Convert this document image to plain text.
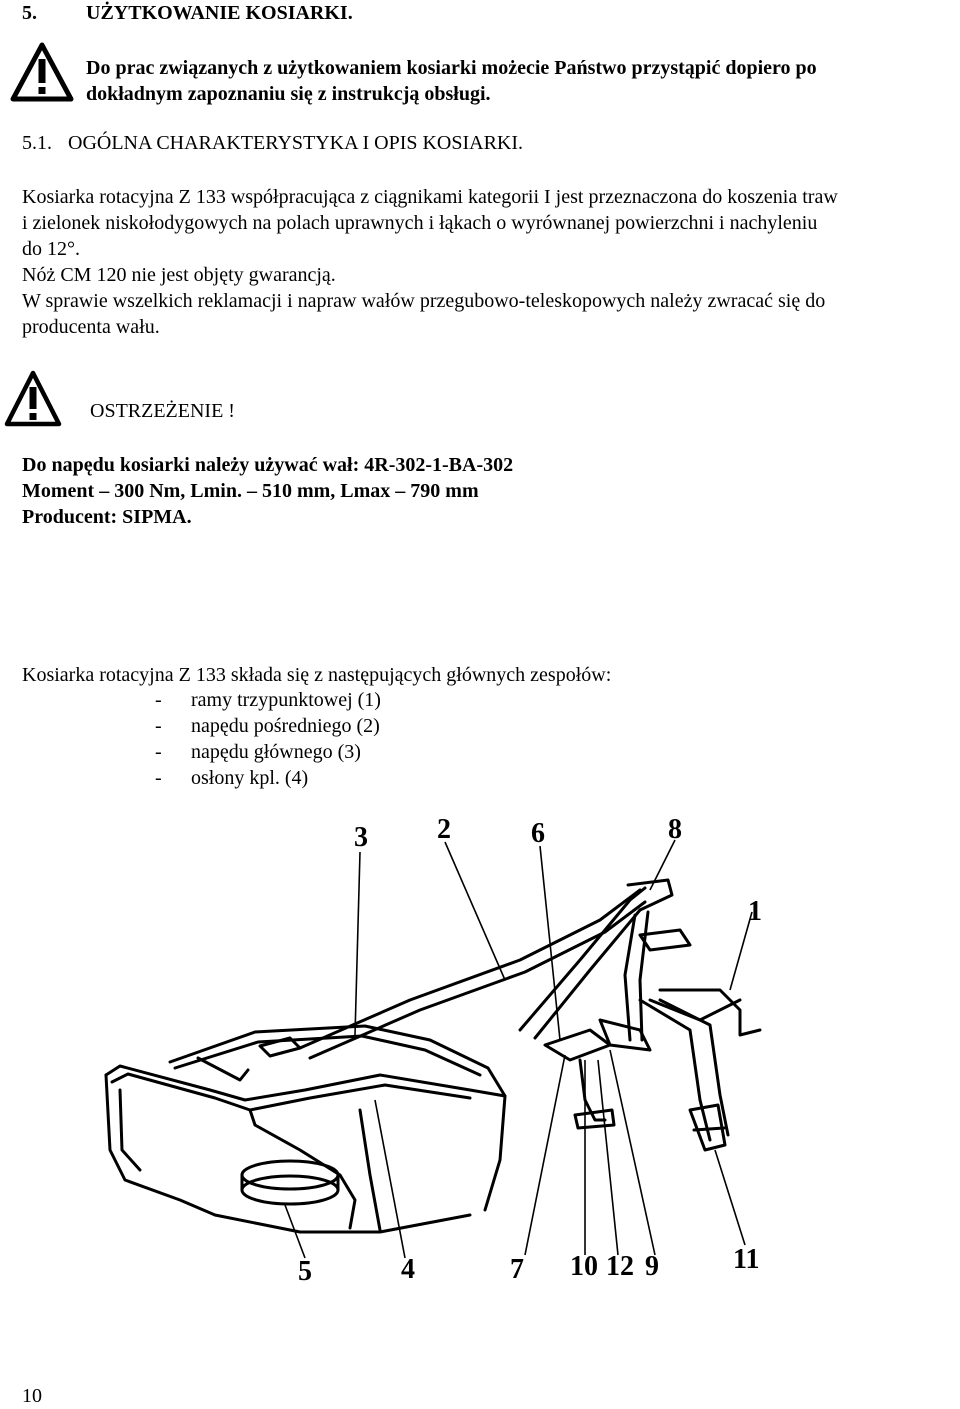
5. UŻYTKOWANIE KOSIARKI.
Do prac związanych z użytkowaniem kosiarki możecie Państwo przystąpić dopiero po
dokładnym zapoznaniu się z instrukcją obsługi.
5.1. OGÓLNA CHARAKTERYSTYKA I OPIS KOSIARKI.
Kosiarka rotacyjna Z 133 współpracująca z ciągnikami kategorii I jest przeznaczona do koszenia traw
i zielonek niskołodygowych na polach uprawnych i łąkach o wyrównanej powierzchni i nachyleniu
do 12°.
Nóż CM 120 nie jest objęty gwarancją.
W sprawie wszelkich reklamacji i napraw wałów przegubowo-teleskopowych należy zwracać się do
producenta wału.
OSTRZEŻENIE !
Do napędu kosiarki należy używać wał: 4R-302-1-BA-302
Moment – 300 Nm, Lmin. – 510 mm, Lmax – 790 mm
Producent: SIPMA.
Kosiarka rotacyjna Z 133 składa się z następujących głównych zespołów:
- ramy trzypunktowej (1)
- napędu pośredniego (2)
- napędu głównego (3)
- osłony kpl. (4)
3 2	6	8
1
5	4	7 10 12 9	11
10
